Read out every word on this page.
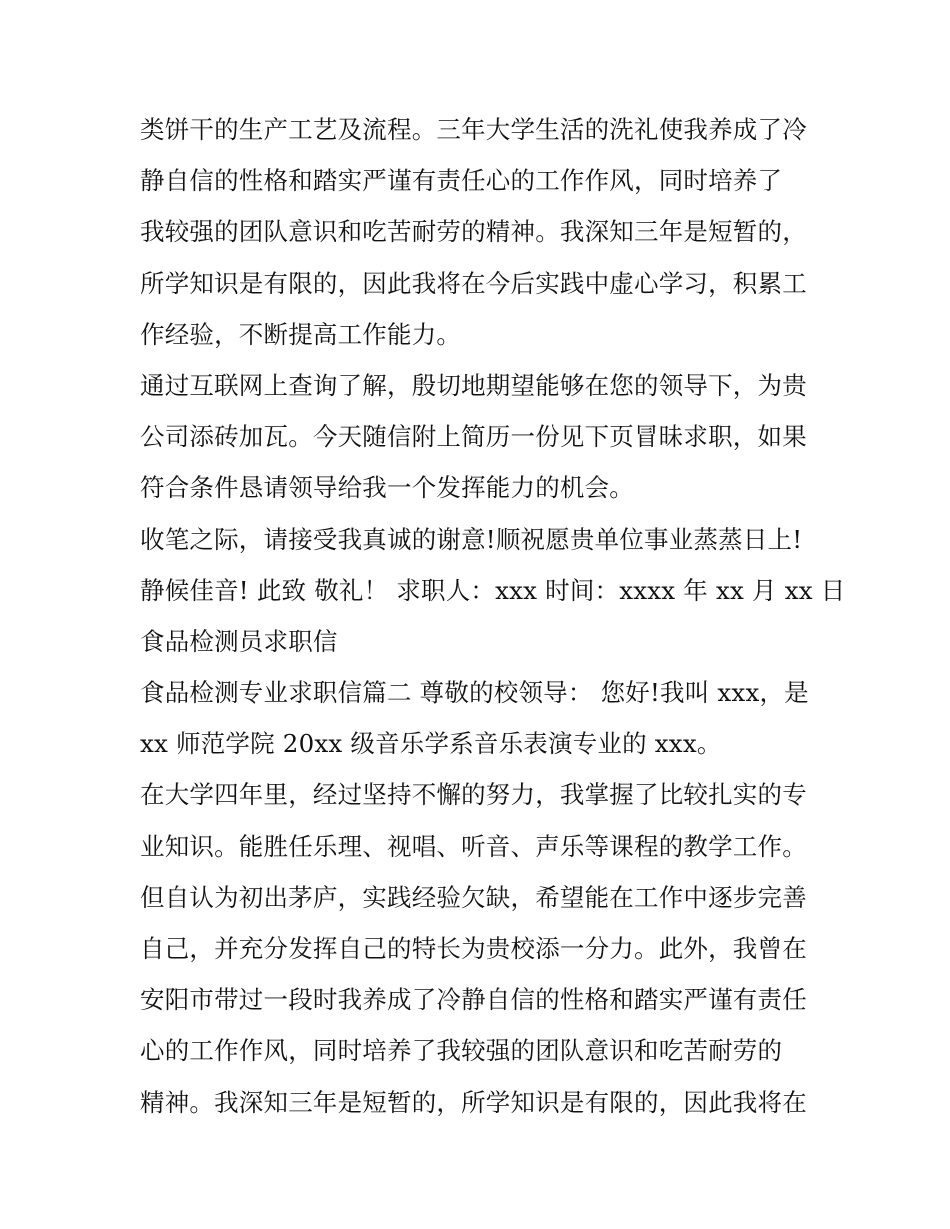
类饼干的生产工艺及流程。三年大学生活的洗礼使我养成了冷
静自信的性格和踏实严谨有责任心的工作作风，同时培养了
我较强的团队意识和吃苦耐劳的精神。我深知三年是短暂的，
所学知识是有限的，因此我将在今后实践中虚心学习，积累工
作经验，不断提高工作能力。
通过互联网上查询了解，殷切地期望能够在您的领导下，为贵
公司添砖加瓦。今天随信附上简历一份见下页冒昧求职，如果
符合条件恳请领导给我一个发挥能力的机会。
收笔之际，请接受我真诚的谢意!顺祝愿贵单位事业蒸蒸日上!
静候佳音! 此致 敬礼！ 求职人：xxx 时间：xxxx 年 xx 月 xx 日
食品检测员求职信
食品检测专业求职信篇二 尊敬的校领导： 您好!我叫 xxx，是
xx 师范学院 20xx 级音乐学系音乐表演专业的 xxx。
在大学四年里，经过坚持不懈的努力，我掌握了比较扎实的专
业知识。能胜任乐理、视唱、听音、声乐等课程的教学工作。
但自认为初出茅庐，实践经验欠缺，希望能在工作中逐步完善
自己，并充分发挥自己的特长为贵校添一分力。此外，我曾在
安阳市带过一段时我养成了冷静自信的性格和踏实严谨有责任
心的工作作风，同时培养了我较强的团队意识和吃苦耐劳的
精神。我深知三年是短暂的，所学知识是有限的，因此我将在
